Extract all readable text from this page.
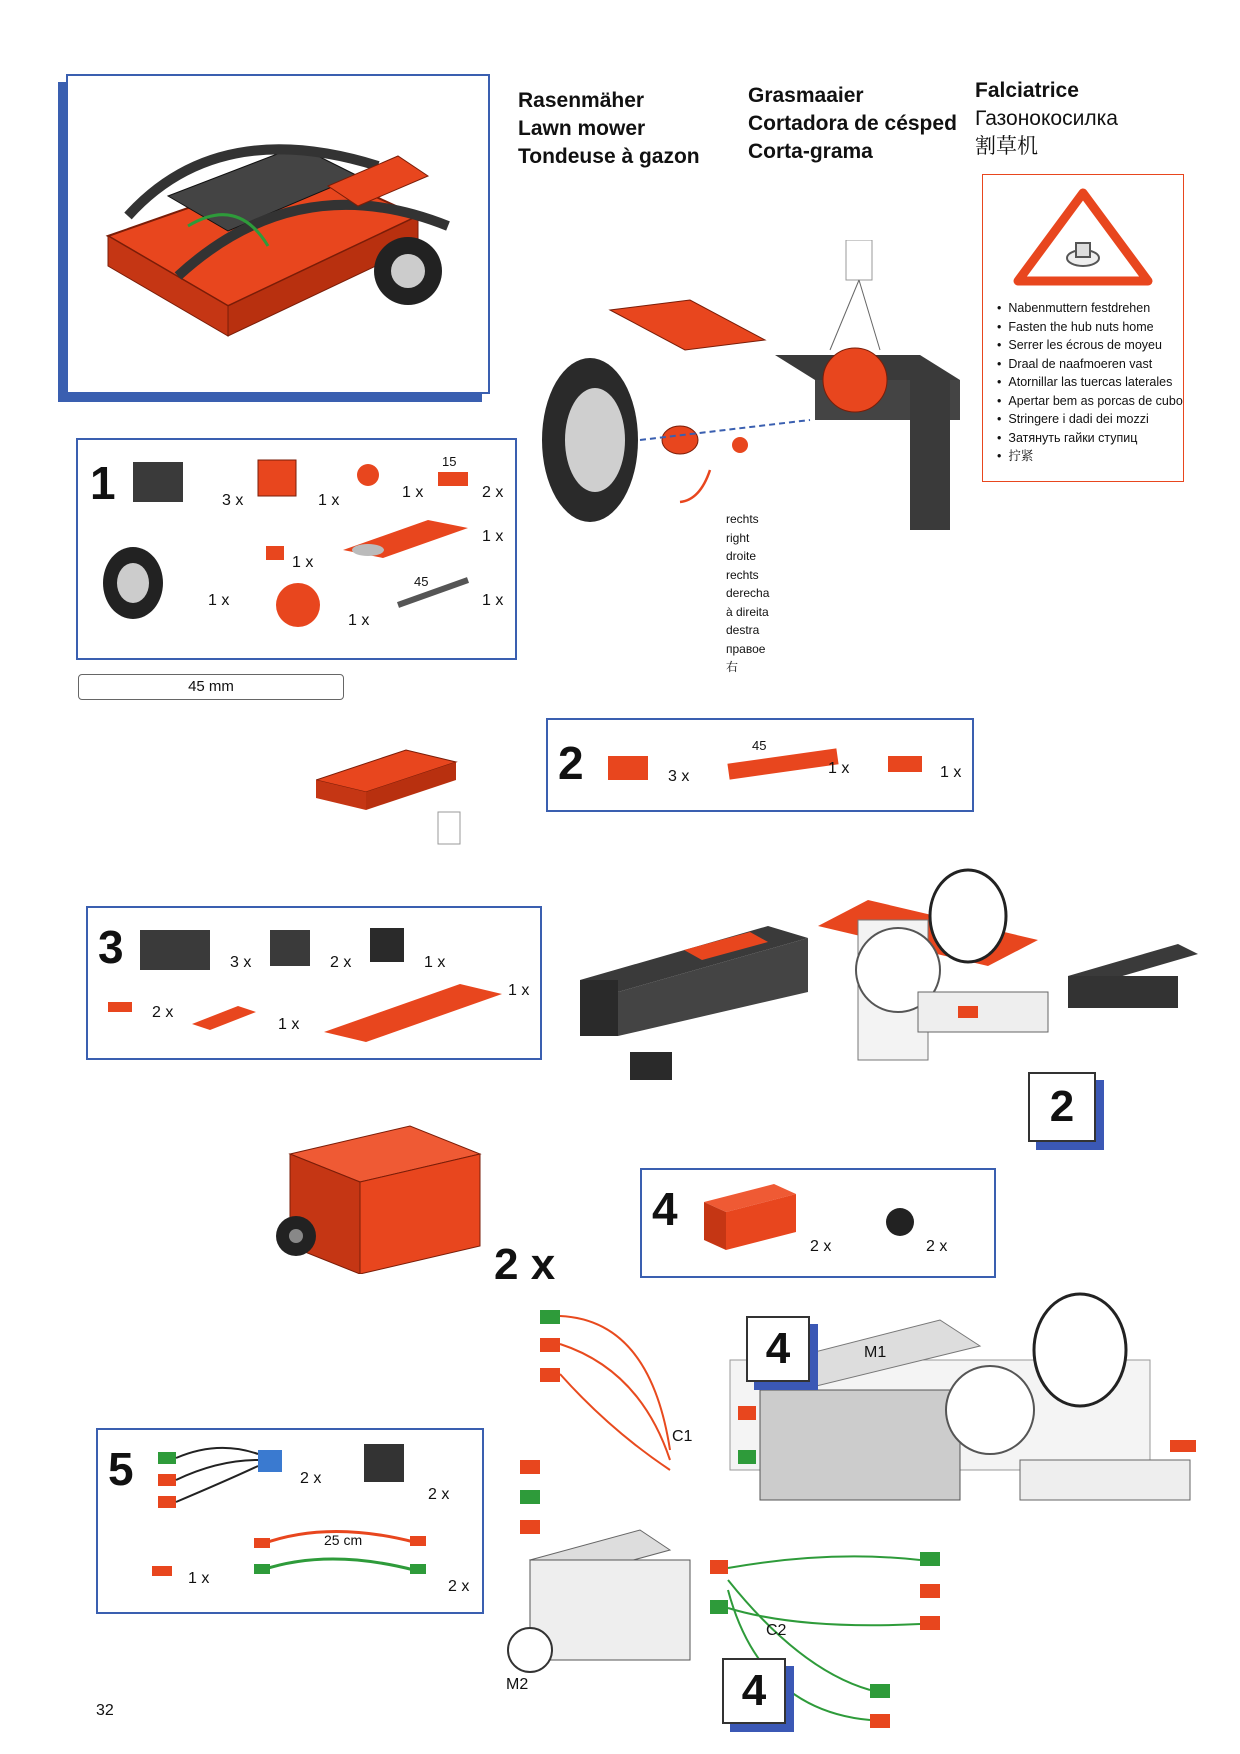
Rasenmäher
Lawn mower
Tondeuse à gazon
Grasmaaier
Cortadora de césped
Corta-grama
Falciatrice
Газонокосилка
割草机
• Nabenmuttern festdrehen
• Fasten the hub nuts home
• Serrer les écrous de moyeu
• Draal de naafmoeren vast
• Atornillar las tuercas laterales
• Apertar bem as porcas de cubo
• Stringere i dadi dei mozzi
• Затянуть гайки ступиц
• 拧紧
rechts
right
droite
rechts
derecha
à direita
destra
правое
右
1	3 x	1 x	1 x
15
2 x
1 x
1 x
1 x
1 x
45
1 x
45 mm
2	3 x
45
1 x	1 x
3	3 x	2 x	1 x
2 x
1 x
1 x
2
2 x
4
2 x	2 x
5	2 x
2 x
25 cm
1 x	2 x
M1
C1
C2
M2
4
4
32
